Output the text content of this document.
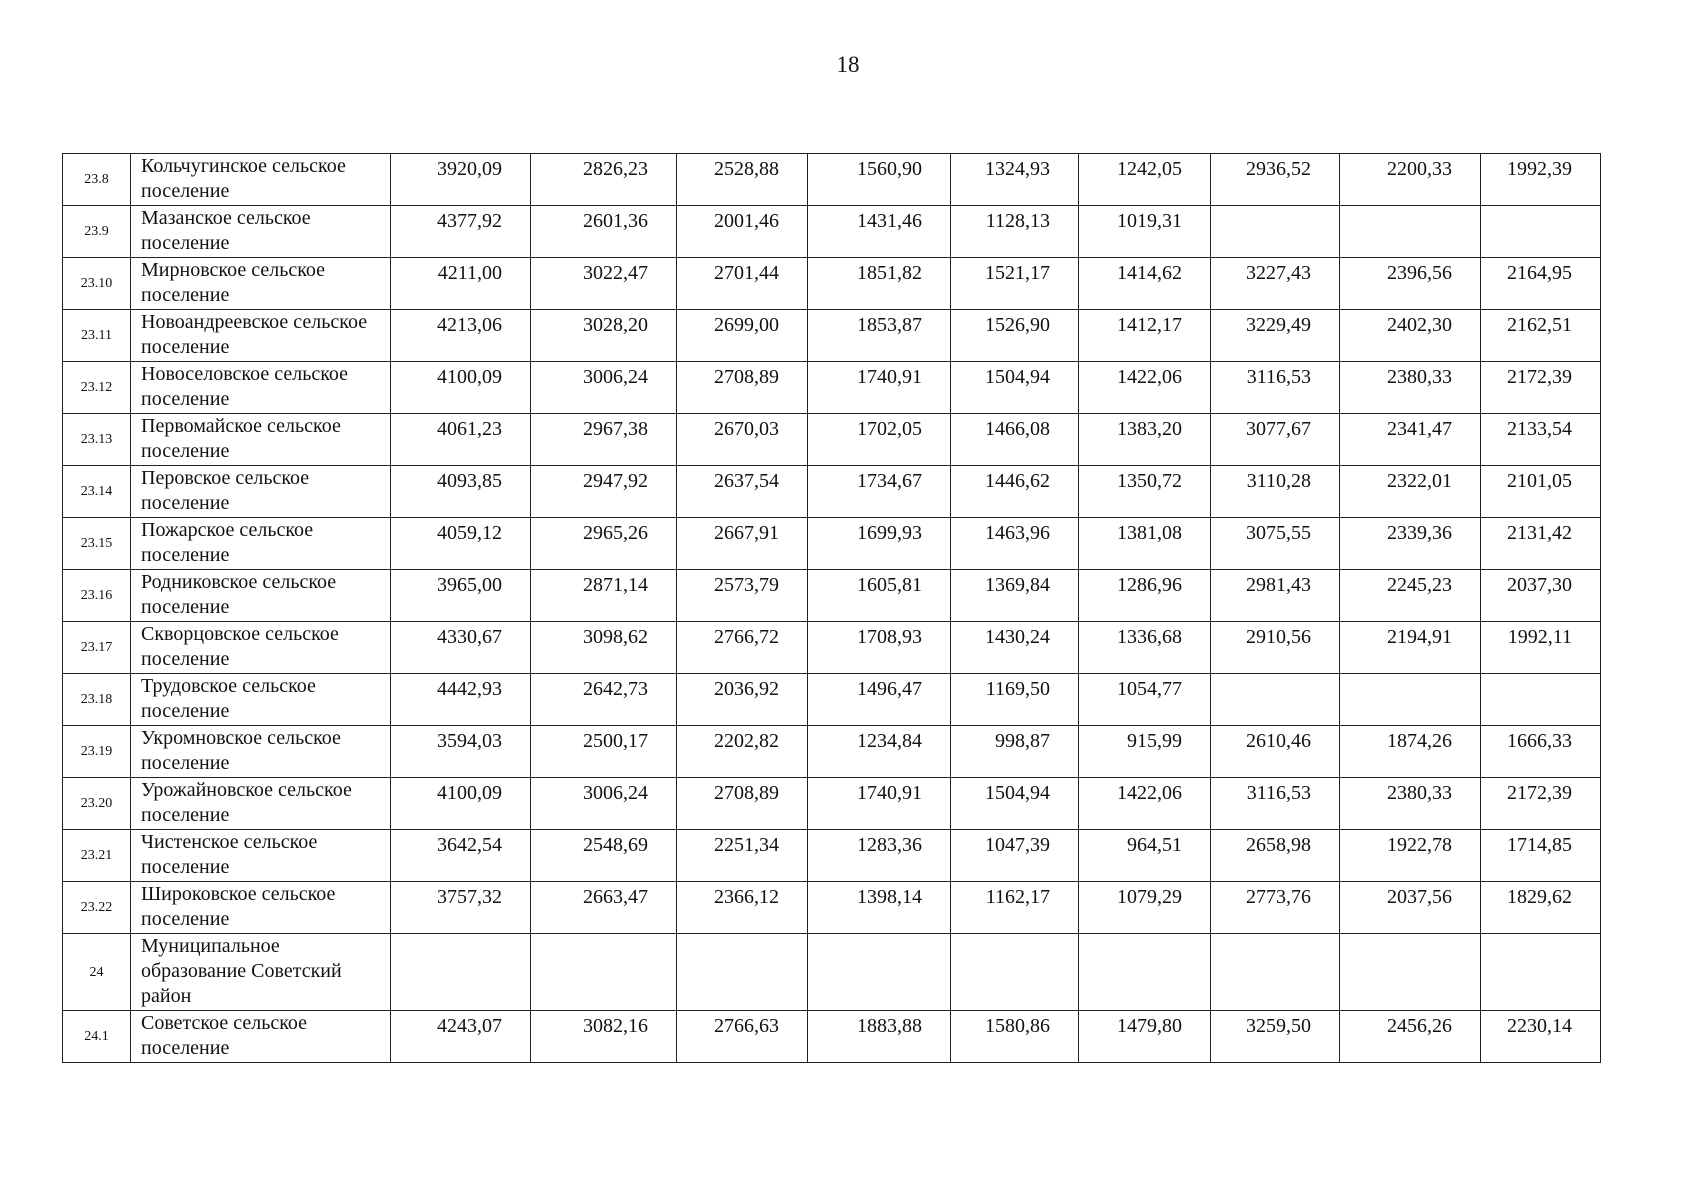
18
23.8	Кольчугинское сельское поселение	3920,09	2826,23	2528,88	1560,90	1324,93	1242,05	2936,52	2200,33	1992,39
23.9	Мазанское сельское поселение	4377,92	2601,36	2001,46	1431,46	1128,13	1019,31			
23.10	Мирновское сельское поселение	4211,00	3022,47	2701,44	1851,82	1521,17	1414,62	3227,43	2396,56	2164,95
23.11	Новоандреевское сельское поселение	4213,06	3028,20	2699,00	1853,87	1526,90	1412,17	3229,49	2402,30	2162,51
23.12	Новоселовское сельское поселение	4100,09	3006,24	2708,89	1740,91	1504,94	1422,06	3116,53	2380,33	2172,39
23.13	Первомайское сельское поселение	4061,23	2967,38	2670,03	1702,05	1466,08	1383,20	3077,67	2341,47	2133,54
23.14	Перовское сельское поселение	4093,85	2947,92	2637,54	1734,67	1446,62	1350,72	3110,28	2322,01	2101,05
23.15	Пожарское сельское поселение	4059,12	2965,26	2667,91	1699,93	1463,96	1381,08	3075,55	2339,36	2131,42
23.16	Родниковское сельское поселение	3965,00	2871,14	2573,79	1605,81	1369,84	1286,96	2981,43	2245,23	2037,30
23.17	Скворцовское сельское поселение	4330,67	3098,62	2766,72	1708,93	1430,24	1336,68	2910,56	2194,91	1992,11
23.18	Трудовское сельское поселение	4442,93	2642,73	2036,92	1496,47	1169,50	1054,77			
23.19	Укромновское сельское поселение	3594,03	2500,17	2202,82	1234,84	998,87	915,99	2610,46	1874,26	1666,33
23.20	Урожайновское сельское поселение	4100,09	3006,24	2708,89	1740,91	1504,94	1422,06	3116,53	2380,33	2172,39
23.21	Чистенское сельское поселение	3642,54	2548,69	2251,34	1283,36	1047,39	964,51	2658,98	1922,78	1714,85
23.22	Широковское сельское поселение	3757,32	2663,47	2366,12	1398,14	1162,17	1079,29	2773,76	2037,56	1829,62
24	Муниципальное образование Советский район									
24.1	Советское сельское поселение	4243,07	3082,16	2766,63	1883,88	1580,86	1479,80	3259,50	2456,26	2230,14
